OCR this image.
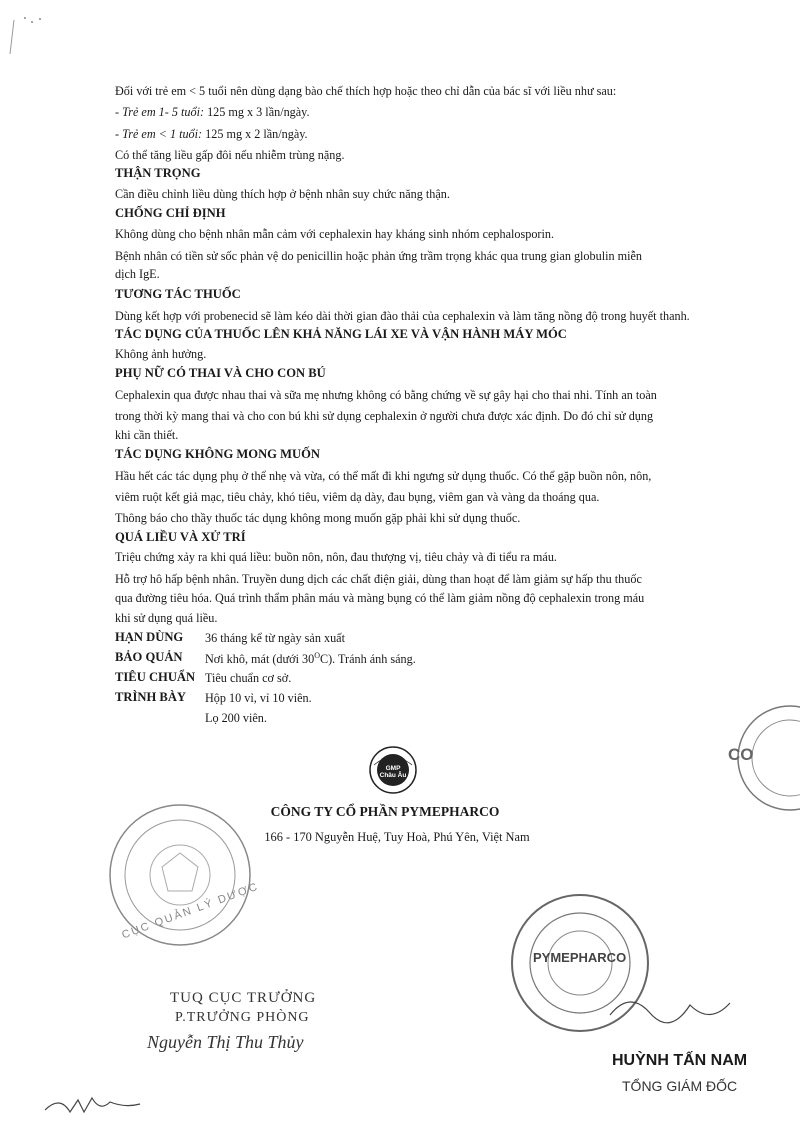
Đối với trẻ em < 5 tuổi nên dùng dạng bào chế thích hợp hoặc theo chỉ dẫn của bác sĩ với liều như sau:
- Trẻ em 1- 5 tuổi: 125 mg x 3 lần/ngày.
- Trẻ em < 1 tuổi: 125 mg x 2 lần/ngày.
Có thể tăng liều gấp đôi nếu nhiễm trùng nặng.
THẬN TRỌNG
Cần điều chỉnh liều dùng thích hợp ở bệnh nhân suy chức năng thận.
CHỐNG CHỈ ĐỊNH
Không dùng cho bệnh nhân mẫn cảm với cephalexin hay kháng sinh nhóm cephalosporin.
Bệnh nhân có tiền sử sốc phản vệ do penicillin hoặc phản ứng trầm trọng khác qua trung gian globulin miễn
dịch IgE.
TƯƠNG TÁC THUỐC
Dùng kết hợp với probenecid sẽ làm kéo dài thời gian đào thải của cephalexin và làm tăng nồng độ trong huyết thanh.
TÁC DỤNG CỦA THUỐC LÊN KHẢ NĂNG LÁI XE VÀ VẬN HÀNH MÁY MÓC
Không ảnh hưởng.
PHỤ NỮ CÓ THAI VÀ CHO CON BÚ
Cephalexin qua được nhau thai và sữa mẹ nhưng không có bằng chứng về sự gây hại cho thai nhi. Tính an toàn
trong thời kỳ mang thai và cho con bú khi sử dụng cephalexin ở người chưa được xác định. Do đó chỉ sử dụng
khi cần thiết.
TÁC DỤNG KHÔNG MONG MUỐN
Hầu hết các tác dụng phụ ở thể nhẹ và vừa, có thể mất đi khi ngưng sử dụng thuốc. Có thể gặp buồn nôn, nôn,
viêm ruột kết giả mạc, tiêu chảy, khó tiêu, viêm dạ dày, đau bụng, viêm gan và vàng da thoáng qua.
Thông báo cho thầy thuốc tác dụng không mong muốn gặp phải khi sử dụng thuốc.
QUÁ LIỀU VÀ XỬ TRÍ
Triệu chứng xảy ra khi quá liều: buồn nôn, nôn, đau thượng vị, tiêu chảy và đi tiểu ra máu.
Hỗ trợ hô hấp bệnh nhân. Truyền dung dịch các chất điện giải, dùng than hoạt để làm giảm sự hấp thu thuốc
qua đường tiêu hóa. Quá trình thẩm phân máu và màng bụng có thể làm giảm nồng độ cephalexin trong máu
khi sử dụng quá liều.
HẠN DÙNG 36 tháng kể từ ngày sản xuất
BẢO QUẢN Nơi khô, mát (dưới $30^OC$). Tránh ánh sáng.
TIÊU CHUẨN Tiêu chuẩn cơ sở.
TRÌNH BÀY Hộp 10 vỉ, vỉ 10 viên.
Lọ 200 viên.
GMP Châu Âu
CÔNG TY CỔ PHẦN PYMEPHARCO
166 - 170 Nguyễn Huệ, Tuy Hoà, Phú Yên, Việt Nam
CỤC QUẢN LÝ DƯỢC
CO
TUQ CỤC TRƯỞNG
P.TRƯỞNG PHÒNG
Nguyễn Thị Thu Thủy
PYMEPHARCO
HUỲNH TẤN NAM
TỔNG GIÁM ĐỐC
